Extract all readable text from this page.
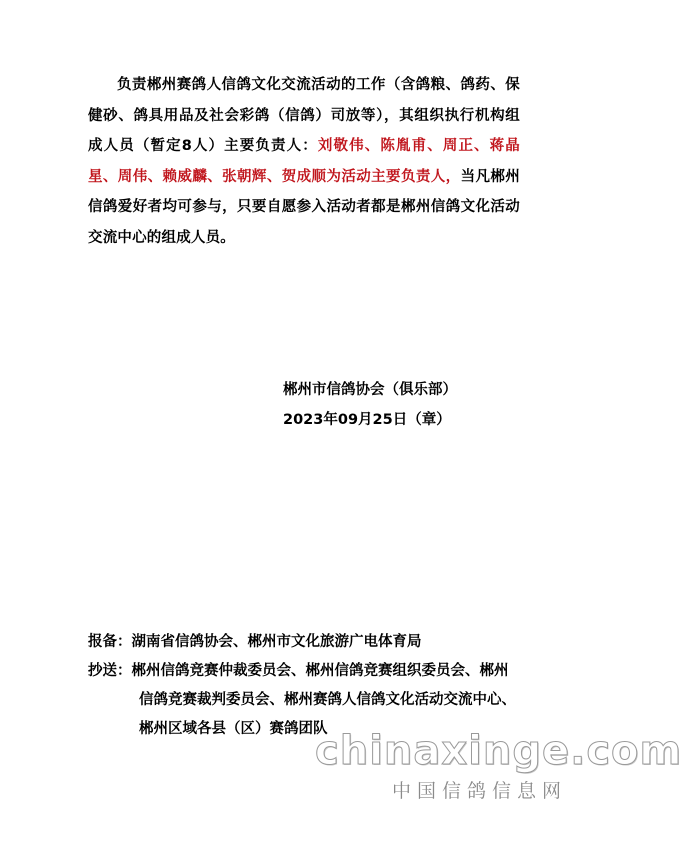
负责郴州赛鸽人信鸽文化交流活动的工作（含鸽粮、鸽药、保健砂、鸽具用品及社会彩鸽（信鸽）司放等），其组织执行机构组成人员（暂定8人）主要负责人：刘敬伟、陈胤甫、周正、蒋晶星、周伟、赖威麟、张朝辉、贺成顺为活动主要负责人，当凡郴州信鸽爱好者均可参与，只要自愿参入活动者都是郴州信鸽文化活动交流中心的组成人员。
郴州市信鸽协会（俱乐部）
2023年09月25日（章）
报备：湖南省信鸽协会、郴州市文化旅游广电体育局
抄送：郴州信鸽竞赛仲裁委员会、郴州信鸽竞赛组织委员会、郴州信鸽竞赛裁判委员会、郴州赛鸽人信鸽文化活动交流中心、郴州区域各县（区）赛鸽团队
chinaxinge.com
中国信鸽信息网
